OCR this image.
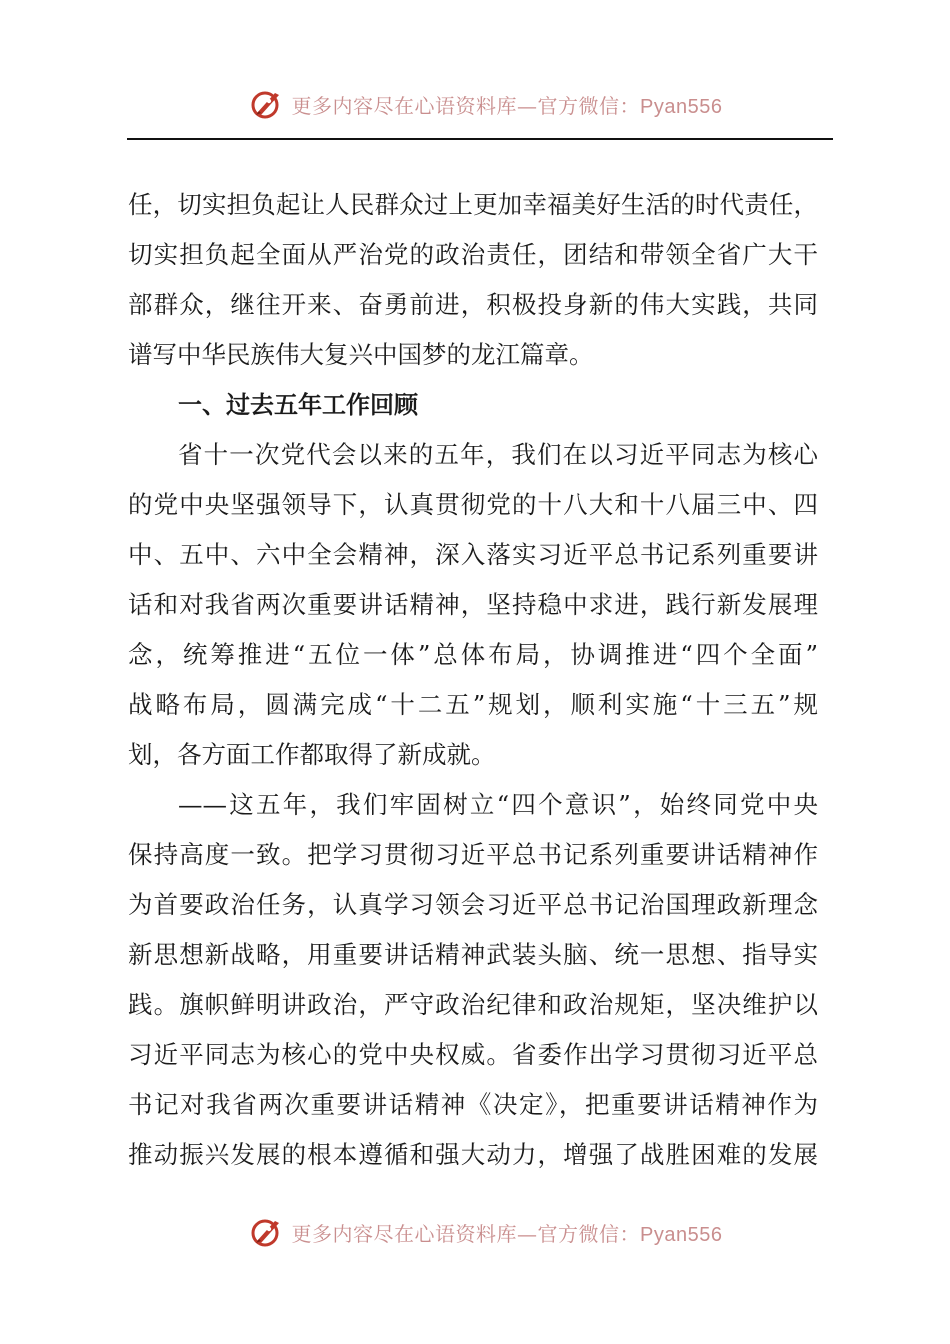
更多内容尽在心语资料库—官方微信：Pyan556
任，切实担负起让人民群众过上更加幸福美好生活的时代责任，
切实担负起全面从严治党的政治责任，团结和带领全省广大干
部群众，继往开来、奋勇前进，积极投身新的伟大实践，共同
谱写中华民族伟大复兴中国梦的龙江篇章。
一、过去五年工作回顾
省十一次党代会以来的五年，我们在以习近平同志为核心
的党中央坚强领导下，认真贯彻党的十八大和十八届三中、四
中、五中、六中全会精神，深入落实习近平总书记系列重要讲
话和对我省两次重要讲话精神，坚持稳中求进，践行新发展理
念，统筹推进“五位一体”总体布局，协调推进“四个全面”
战略布局，圆满完成“十二五”规划，顺利实施“十三五”规
划，各方面工作都取得了新成就。
——这五年，我们牢固树立“四个意识”，始终同党中央
保持高度一致。把学习贯彻习近平总书记系列重要讲话精神作
为首要政治任务，认真学习领会习近平总书记治国理政新理念
新思想新战略，用重要讲话精神武装头脑、统一思想、指导实
践。旗帜鲜明讲政治，严守政治纪律和政治规矩，坚决维护以
习近平同志为核心的党中央权威。省委作出学习贯彻习近平总
书记对我省两次重要讲话精神《决定》，把重要讲话精神作为
推动振兴发展的根本遵循和强大动力，增强了战胜困难的发展
更多内容尽在心语资料库—官方微信：Pyan556
